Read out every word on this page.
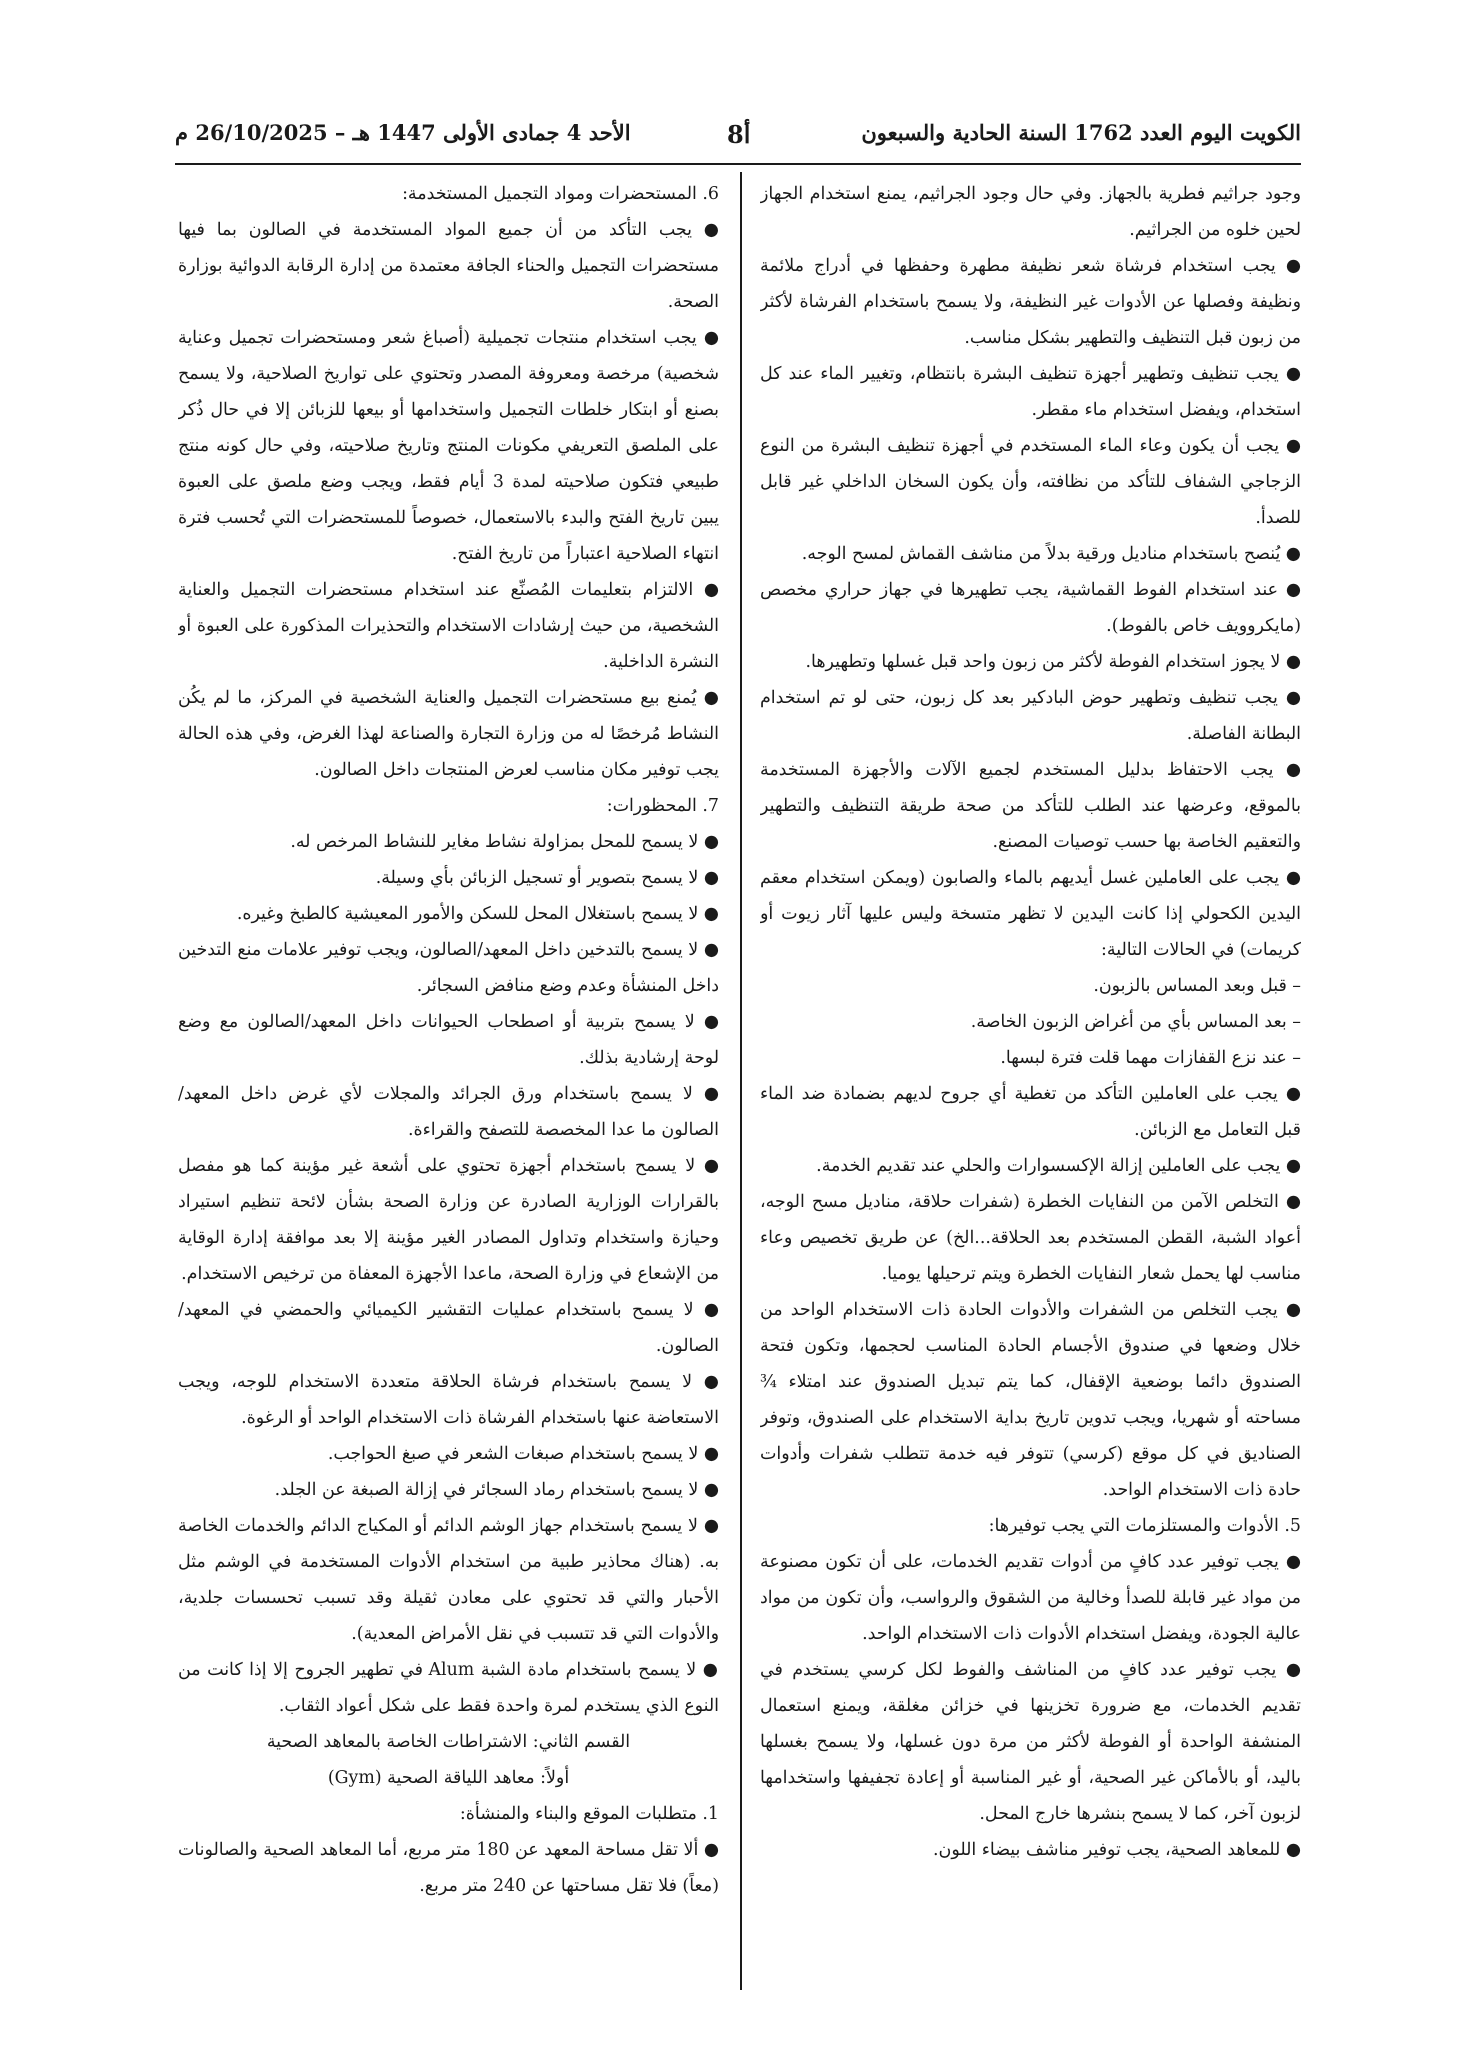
الأحد 4 جمادى الأولى 1447 هـ – 26/10/2025 م	8أ	الكويت اليوم العدد 1762 السنة الحادية والسبعون

وجود جراثيم فطرية بالجهاز. وفي حال وجود الجراثيم، يمنع استخدام الجهاز لحين خلوه من الجراثيم.

● يجب استخدام فرشاة شعر نظيفة مطهرة وحفظها في أدراج ملائمة ونظيفة وفصلها عن الأدوات غير النظيفة، ولا يسمح باستخدام الفرشاة لأكثر من زبون قبل التنظيف والتطهير بشكل مناسب.

● يجب تنظيف وتطهير أجهزة تنظيف البشرة بانتظام، وتغيير الماء عند كل استخدام، ويفضل استخدام ماء مقطر.

● يجب أن يكون وعاء الماء المستخدم في أجهزة تنظيف البشرة من النوع الزجاجي الشفاف للتأكد من نظافته، وأن يكون السخان الداخلي غير قابل للصدأ.

● يُنصح باستخدام مناديل ورقية بدلاً من مناشف القماش لمسح الوجه.

● عند استخدام الفوط القماشية، يجب تطهيرها في جهاز حراري مخصص (مايكروويف خاص بالفوط).

● لا يجوز استخدام الفوطة لأكثر من زبون واحد قبل غسلها وتطهيرها.

● يجب تنظيف وتطهير حوض البادكير بعد كل زبون، حتى لو تم استخدام البطانة الفاصلة.

● يجب الاحتفاظ بدليل المستخدم لجميع الآلات والأجهزة المستخدمة بالموقع، وعرضها عند الطلب للتأكد من صحة طريقة التنظيف والتطهير والتعقيم الخاصة بها حسب توصيات المصنع.

● يجب على العاملين غسل أيديهم بالماء والصابون (ويمكن استخدام معقم اليدين الكحولي إذا كانت اليدين لا تظهر متسخة وليس عليها آثار زيوت أو كريمات) في الحالات التالية:

– قبل وبعد المساس بالزبون.

– بعد المساس بأي من أغراض الزبون الخاصة.

– عند نزع القفازات مهما قلت فترة لبسها.

● يجب على العاملين التأكد من تغطية أي جروح لديهم بضمادة ضد الماء قبل التعامل مع الزبائن.

● يجب على العاملين إزالة الإكسسوارات والحلي عند تقديم الخدمة.

● التخلص الآمن من النفايات الخطرة (شفرات حلاقة، مناديل مسح الوجه، أعواد الشبة، القطن المستخدم بعد الحلاقة...الخ) عن طريق تخصيص وعاء مناسب لها يحمل شعار النفايات الخطرة ويتم ترحيلها يوميا.

● يجب التخلص من الشفرات والأدوات الحادة ذات الاستخدام الواحد من خلال وضعها في صندوق الأجسام الحادة المناسب لحجمها، وتكون فتحة الصندوق دائما بوضعية الإقفال، كما يتم تبديل الصندوق عند امتلاء ¾ مساحته أو شهريا، ويجب تدوين تاريخ بداية الاستخدام على الصندوق، وتوفر الصناديق في كل موقع (كرسي) تتوفر فيه خدمة تتطلب شفرات وأدوات حادة ذات الاستخدام الواحد.

5. الأدوات والمستلزمات التي يجب توفيرها:

● يجب توفير عدد كافٍ من أدوات تقديم الخدمات، على أن تكون مصنوعة من مواد غير قابلة للصدأ وخالية من الشقوق والرواسب، وأن تكون من مواد عالية الجودة، ويفضل استخدام الأدوات ذات الاستخدام الواحد.

● يجب توفير عدد كافٍ من المناشف والفوط لكل كرسي يستخدم في تقديم الخدمات، مع ضرورة تخزينها في خزائن مغلقة، ويمنع استعمال المنشفة الواحدة أو الفوطة لأكثر من مرة دون غسلها، ولا يسمح بغسلها باليد، أو بالأماكن غير الصحية، أو غير المناسبة أو إعادة تجفيفها واستخدامها لزبون آخر، كما لا يسمح بنشرها خارج المحل.

● للمعاهد الصحية، يجب توفير مناشف بيضاء اللون.

6. المستحضرات ومواد التجميل المستخدمة:

● يجب التأكد من أن جميع المواد المستخدمة في الصالون بما فيها مستحضرات التجميل والحناء الجافة معتمدة من إدارة الرقابة الدوائية بوزارة الصحة.

● يجب استخدام منتجات تجميلية (أصباغ شعر ومستحضرات تجميل وعناية شخصية) مرخصة ومعروفة المصدر وتحتوي على تواريخ الصلاحية، ولا يسمح بصنع أو ابتكار خلطات التجميل واستخدامها أو بيعها للزبائن إلا في حال ذُكر على الملصق التعريفي مكونات المنتج وتاريخ صلاحيته، وفي حال كونه منتج طبيعي فتكون صلاحيته لمدة 3 أيام فقط، ويجب وضع ملصق على العبوة يبين تاريخ الفتح والبدء بالاستعمال، خصوصاً للمستحضرات التي تُحسب فترة انتهاء الصلاحية اعتباراً من تاريخ الفتح.

● الالتزام بتعليمات المُصنِّع عند استخدام مستحضرات التجميل والعناية الشخصية، من حيث إرشادات الاستخدام والتحذيرات المذكورة على العبوة أو النشرة الداخلية.

● يُمنع بيع مستحضرات التجميل والعناية الشخصية في المركز، ما لم يكُن النشاط مُرخصًا له من وزارة التجارة والصناعة لهذا الغرض، وفي هذه الحالة يجب توفير مكان مناسب لعرض المنتجات داخل الصالون.

7. المحظورات:

● لا يسمح للمحل بمزاولة نشاط مغاير للنشاط المرخص له.

● لا يسمح بتصوير أو تسجيل الزبائن بأي وسيلة.

● لا يسمح باستغلال المحل للسكن والأمور المعيشية كالطبخ وغيره.

● لا يسمح بالتدخين داخل المعهد/الصالون، ويجب توفير علامات منع التدخين داخل المنشأة وعدم وضع منافض السجائر.

● لا يسمح بتربية أو اصطحاب الحيوانات داخل المعهد/الصالون مع وضع لوحة إرشادية بذلك.

● لا يسمح باستخدام ورق الجرائد والمجلات لأي غرض داخل المعهد/الصالون ما عدا المخصصة للتصفح والقراءة.

● لا يسمح باستخدام أجهزة تحتوي على أشعة غير مؤينة كما هو مفصل بالقرارات الوزارية الصادرة عن وزارة الصحة بشأن لائحة تنظيم استيراد وحيازة واستخدام وتداول المصادر الغير مؤينة إلا بعد موافقة إدارة الوقاية من الإشعاع في وزارة الصحة، ماعدا الأجهزة المعفاة من ترخيص الاستخدام.

● لا يسمح باستخدام عمليات التقشير الكيميائي والحمضي في المعهد/الصالون.

● لا يسمح باستخدام فرشاة الحلاقة متعددة الاستخدام للوجه، ويجب الاستعاضة عنها باستخدام الفرشاة ذات الاستخدام الواحد أو الرغوة.

● لا يسمح باستخدام صبغات الشعر في صبغ الحواجب.

● لا يسمح باستخدام رماد السجائر في إزالة الصبغة عن الجلد.

● لا يسمح باستخدام جهاز الوشم الدائم أو المكياج الدائم والخدمات الخاصة به. (هناك محاذير طبية من استخدام الأدوات المستخدمة في الوشم مثل الأحبار والتي قد تحتوي على معادن ثقيلة وقد تسبب تحسسات جلدية، والأدوات التي قد تتسبب في نقل الأمراض المعدية).

● لا يسمح باستخدام مادة الشبة Alum في تطهير الجروح إلا إذا كانت من النوع الذي يستخدم لمرة واحدة فقط على شكل أعواد الثقاب.

القسم الثاني: الاشتراطات الخاصة بالمعاهد الصحية

أولاً: معاهد اللياقة الصحية (Gym)

1. متطلبات الموقع والبناء والمنشأة:

● ألا تقل مساحة المعهد عن 180 متر مربع، أما المعاهد الصحية والصالونات (معاً) فلا تقل مساحتها عن 240 متر مربع.
